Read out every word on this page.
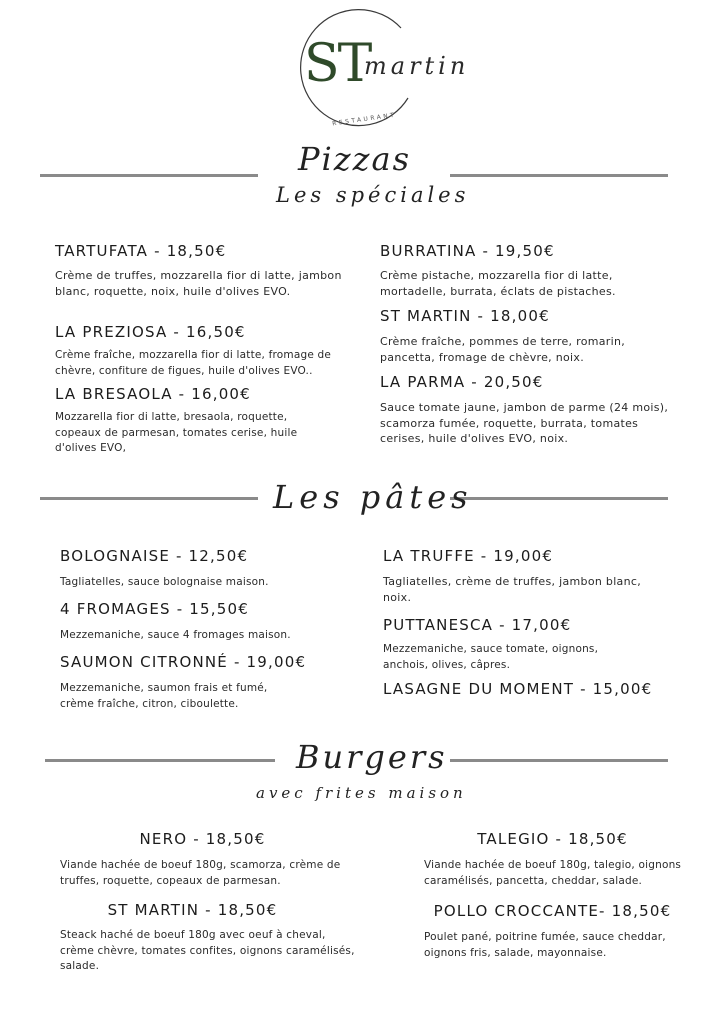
ST
martin
RESTAURANT
Pizzas
Les spéciales
TARTUFATA - 18,50€
Crème de truffes, mozzarella fior di latte, jambon blanc, roquette, noix, huile d'olives EVO.
LA PREZIOSA - 16,50€
Crème fraîche, mozzarella fior di latte, fromage de chèvre, confiture de figues, huile d'olives EVO..
LA BRESAOLA - 16,00€
Mozzarella fior di latte, bresaola, roquette, copeaux de parmesan, tomates cerise, huile d'olives EVO,
BURRATINA - 19,50€
Crème pistache, mozzarella fior di latte, mortadelle, burrata, éclats de pistaches.
ST MARTIN - 18,00€
Crème fraîche, pommes de terre, romarin, pancetta, fromage de chèvre, noix.
LA PARMA - 20,50€
Sauce tomate jaune, jambon de parme (24 mois), scamorza fumée, roquette, burrata, tomates cerises, huile d'olives EVO, noix.
Les pâtes
BOLOGNAISE - 12,50€
Tagliatelles, sauce bolognaise maison.
4 FROMAGES - 15,50€
Mezzemaniche, sauce 4 fromages maison.
SAUMON CITRONNÉ - 19,00€
Mezzemaniche, saumon frais et fumé, crème fraîche, citron, ciboulette.
LA TRUFFE - 19,00€
Tagliatelles, crème de truffes, jambon blanc, noix.
PUTTANESCA - 17,00€
Mezzemaniche, sauce tomate, oignons, anchois, olives, câpres.
LASAGNE DU MOMENT - 15,00€
Burgers
avec frites maison
NERO - 18,50€
Viande hachée de boeuf 180g, scamorza, crème de truffes, roquette, copeaux de parmesan.
ST MARTIN - 18,50€
Steack haché de boeuf 180g avec oeuf à cheval, crème chèvre, tomates confites, oignons caramélisés, salade.
TALEGIO - 18,50€
Viande hachée de boeuf 180g, talegio, oignons caramélisés, pancetta, cheddar, salade.
POLLO CROCCANTE- 18,50€
Poulet pané, poitrine fumée, sauce cheddar, oignons fris, salade, mayonnaise.
